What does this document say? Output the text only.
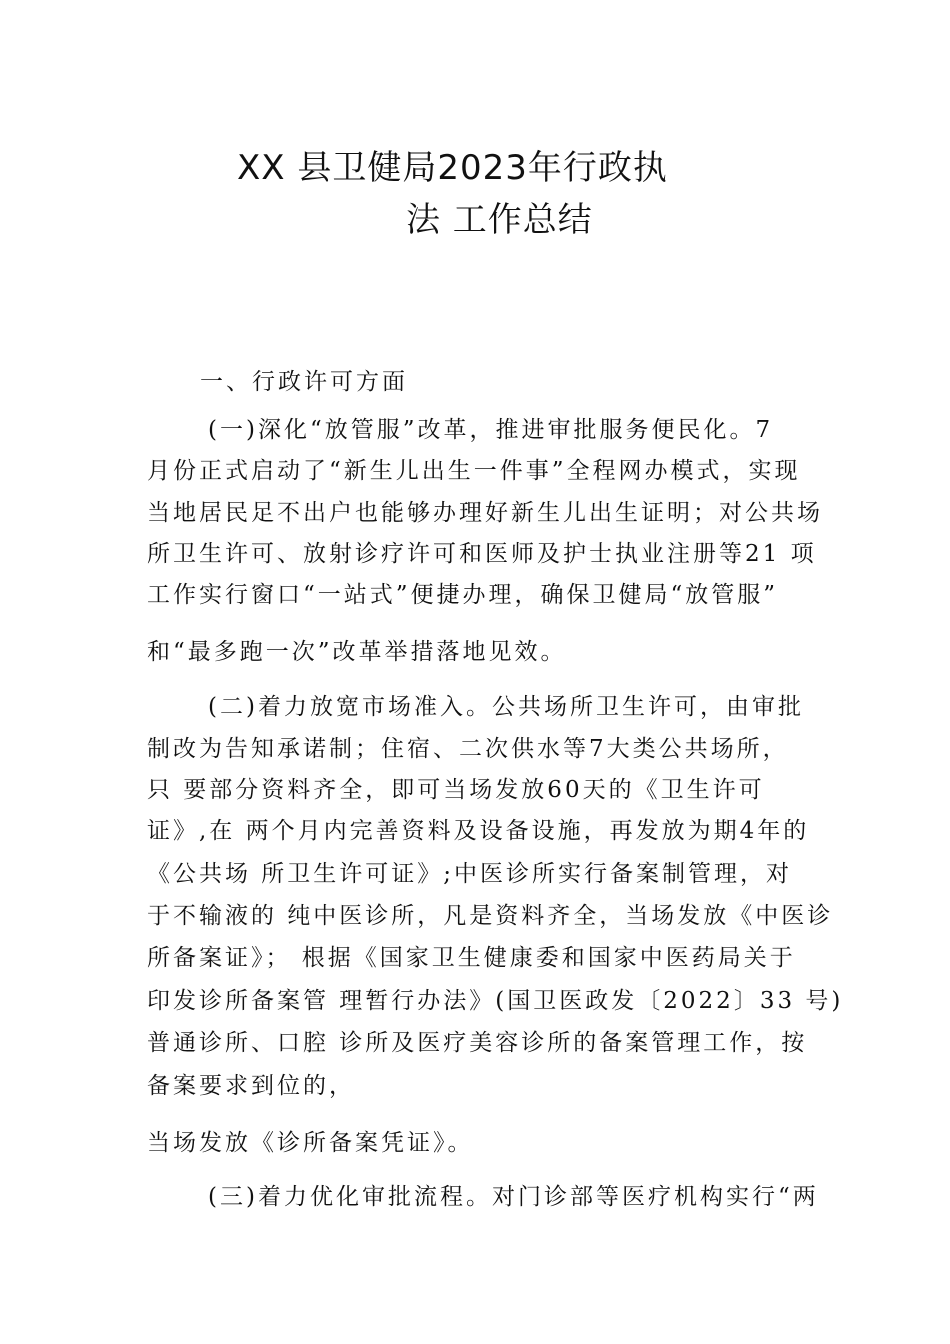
XX 县卫健局2023年行政执
法 工作总结
一、行政许可方面
(一)深化“放管服”改革，推进审批服务便民化。7
月份正式启动了“新生儿出生一件事”全程网办模式，实现
当地居民足不出户也能够办理好新生儿出生证明；对公共场
所卫生许可、放射诊疗许可和医师及护士执业注册等21 项
工作实行窗口“一站式”便捷办理，确保卫健局“放管服”
和“最多跑一次”改革举措落地见效。
(二)着力放宽市场准入。公共场所卫生许可，由审批
制改为告知承诺制；住宿、二次供水等7大类公共场所，
只 要部分资料齐全，即可当场发放60天的《卫生许可
证》,在 两个月内完善资料及设备设施，再发放为期4年的
《公共场 所卫生许可证》;中医诊所实行备案制管理，对
于不输液的 纯中医诊所，凡是资料齐全，当场发放《中医诊
所备案证》； 根据《国家卫生健康委和国家中医药局关于
印发诊所备案管 理暂行办法》(国卫医政发〔2022〕33 号)
普通诊所、口腔 诊所及医疗美容诊所的备案管理工作，按
备案要求到位的，
当场发放《诊所备案凭证》。
(三)着力优化审批流程。对门诊部等医疗机构实行“两
